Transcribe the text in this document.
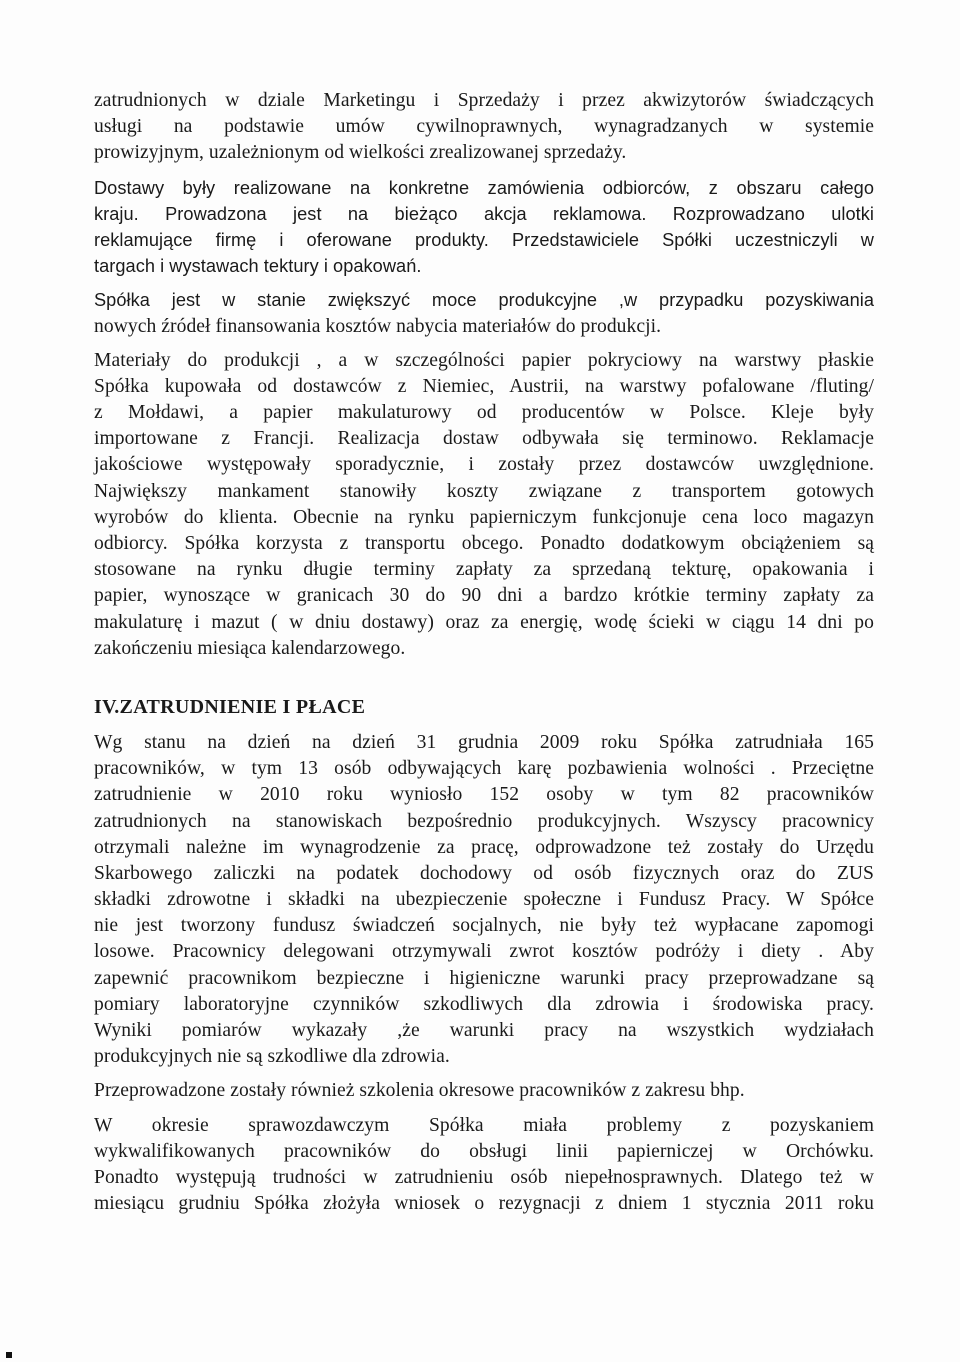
zatrudnionych w dziale Marketingu i Sprzedaży i przez akwizytorów świadczących
usługi na podstawie umów cywilnoprawnych, wynagradzanych w systemie
prowizyjnym, uzależnionym od wielkości zrealizowanej sprzedaży.
Dostawy były realizowane na konkretne zamówienia odbiorców, z obszaru całego
kraju. Prowadzona jest na bieżąco akcja reklamowa. Rozprowadzano ulotki
reklamujące firmę i oferowane produkty. Przedstawiciele Spółki uczestniczyli w
targach i wystawach tektury i opakowań.
Spółka jest w stanie zwiększyć moce produkcyjne ,w przypadku pozyskiwania
nowych źródeł finansowania kosztów nabycia materiałów do produkcji.
Materiały do produkcji , a w szczególności papier pokryciowy na warstwy płaskie
Spółka kupowała od dostawców z Niemiec, Austrii, na warstwy pofalowane /fluting/
z Mołdawi, a papier makulaturowy od producentów w Polsce. Kleje były
importowane z Francji. Realizacja dostaw odbywała się terminowo. Reklamacje
jakościowe występowały sporadycznie, i zostały przez dostawców uwzględnione.
Największy mankament stanowiły koszty związane z transportem gotowych
wyrobów do klienta. Obecnie na rynku papierniczym funkcjonuje cena loco magazyn
odbiorcy. Spółka korzysta z transportu obcego. Ponadto dodatkowym obciążeniem są
stosowane na rynku długie terminy zapłaty za sprzedaną tekturę, opakowania i
papier, wynoszące w granicach 30 do 90 dni a bardzo krótkie terminy zapłaty za
makulaturę i mazut ( w dniu dostawy) oraz za energię, wodę ścieki w ciągu 14 dni po
zakończeniu miesiąca kalendarzowego.
IV.ZATRUDNIENIE I PŁACE
Wg stanu na dzień na dzień 31 grudnia 2009 roku Spółka zatrudniała 165
pracowników, w tym 13 osób odbywających karę pozbawienia wolności . Przeciętne
zatrudnienie w 2010 roku wyniosło 152 osoby w tym 82 pracowników
zatrudnionych na stanowiskach bezpośrednio produkcyjnych. Wszyscy pracownicy
otrzymali należne im wynagrodzenie za pracę, odprowadzone też zostały do Urzędu
Skarbowego zaliczki na podatek dochodowy od osób fizycznych oraz do ZUS
składki zdrowotne i składki na ubezpieczenie społeczne i Fundusz Pracy. W Spółce
nie jest tworzony fundusz świadczeń socjalnych, nie były też wypłacane zapomogi
losowe. Pracownicy delegowani otrzymywali zwrot kosztów podróży i diety . Aby
zapewnić pracownikom bezpieczne i higieniczne warunki pracy przeprowadzane są
pomiary laboratoryjne czynników szkodliwych dla zdrowia i środowiska pracy.
Wyniki pomiarów wykazały ,że warunki pracy na wszystkich wydziałach
produkcyjnych nie są szkodliwe dla zdrowia.
Przeprowadzone zostały również szkolenia okresowe pracowników z zakresu bhp.
W okresie sprawozdawczym Spółka miała problemy z pozyskaniem
wykwalifikowanych pracowników do obsługi linii papierniczej w Orchówku.
Ponadto występują trudności w zatrudnieniu osób niepełnosprawnych. Dlatego też w
miesiącu grudniu Spółka złożyła wniosek o rezygnacji z dniem 1 stycznia 2011 roku
